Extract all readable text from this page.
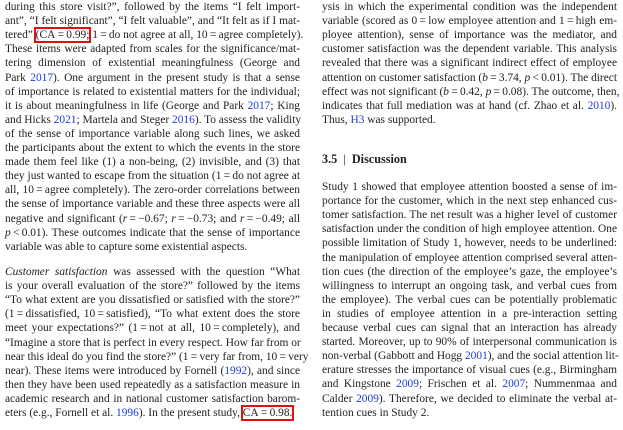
during this store visit?”, followed by the items “I felt import-
ant”, “I felt significant”, “I felt valuable”, and “It felt as if I mat-
tered” (CA = 0.99; 1 = do not agree at all, 10 = agree completely).
These items were adapted from scales for the significance/mat-
tering dimension of existential meaningfulness (George and
Park 2017). One argument in the present study is that a sense
of importance is related to existential matters for the individual;
it is about meaningfulness in life (George and Park 2017; King
and Hicks 2021; Martela and Steger 2016). To assess the validity
of the sense of importance variable along such lines, we asked
the participants about the extent to which the events in the store
made them feel like (1) a non-being, (2) invisible, and (3) that
they just wanted to escape from the situation (1 = do not agree at
all, 10 = agree completely). The zero-order correlations between
the sense of importance variable and these three aspects were all
negative and significant (r = −0.67; r = −0.73; and r = −0.49; all
p < 0.01). These outcomes indicate that the sense of importance
variable was able to capture some existential aspects.
Customer satisfaction was assessed with the question “What
is your overall evaluation of the store?” followed by the items
“To what extent are you dissatisfied or satisfied with the store?”
(1 = dissatisfied, 10 = satisfied), “To what extent does the store
meet your expectations?” (1 = not at all, 10 = completely), and
“Imagine a store that is perfect in every respect. How far from or
near this ideal do you find the store?” (1 = very far from, 10 = very
near). These items were introduced by Fornell (1992), and since
then they have been used repeatedly as a satisfaction measure in
academic research and in national customer satisfaction barom-
eters (e.g., Fornell et al. 1996). In the present study, CA = 0.98.
ysis in which the experimental condition was the independent
variable (scored as 0 = low employee attention and 1 = high em-
ployee attention), sense of importance was the mediator, and
customer satisfaction was the dependent variable. This analysis
revealed that there was a significant indirect effect of employee
attention on customer satisfaction (b = 3.74, p < 0.01). The direct
effect was not significant (b = 0.42, p = 0.08). The outcome, then,
indicates that full mediation was at hand (cf. Zhao et al. 2010).
Thus, H3 was supported.
Study 1 showed that employee attention boosted a sense of im-
portance for the customer, which in the next step enhanced cus-
tomer satisfaction. The net result was a higher level of customer
satisfaction under the condition of high employee attention. One
possible limitation of Study 1, however, needs to be underlined:
the manipulation of employee attention comprised several atten-
tion cues (the direction of the employee’s gaze, the employee’s
willingness to interrupt an ongoing task, and verbal cues from
the employee). The verbal cues can be potentially problematic
in studies of employee attention in a pre-interaction setting
because verbal cues can signal that an interaction has already
started. Moreover, up to 90% of interpersonal communication is
non-verbal (Gabbott and Hogg 2001), and the social attention lit-
erature stresses the importance of visual cues (e.g., Birmingham
and Kingstone 2009; Frischen et al. 2007; Nummenmaa and
Calder 2009). Therefore, we decided to eliminate the verbal at-
tention cues in Study 2.
3.5 | Discussion
